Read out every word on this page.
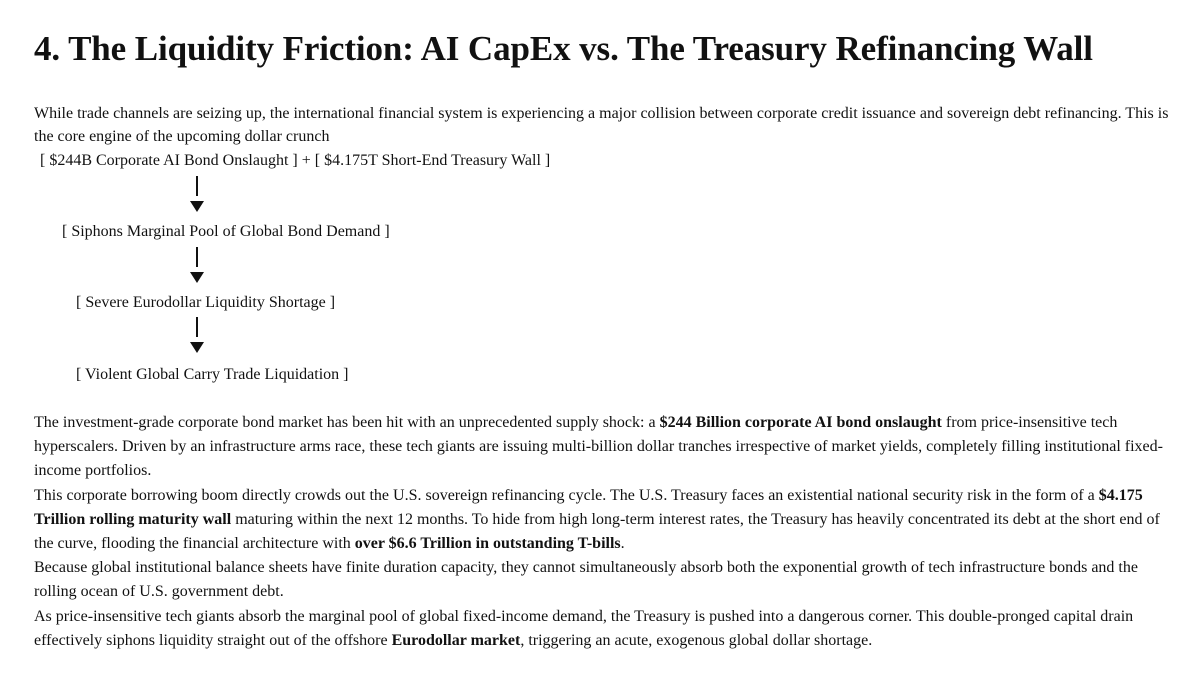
4. The Liquidity Friction: AI CapEx vs. The Treasury Refinancing Wall
While trade channels are seizing up, the international financial system is experiencing a major collision between corporate credit issuance and sovereign debt refinancing. This is the core engine of the upcoming dollar crunch
[ $244B Corporate AI Bond Onslaught ] + [ $4.175T Short-End Treasury Wall ]
[ Siphons Marginal Pool of Global Bond Demand ]
[ Severe Eurodollar Liquidity Shortage ]
[ Violent Global Carry Trade Liquidation ]

The investment-grade corporate bond market has been hit with an unprecedented supply shock: a $244 Billion corporate AI bond onslaught from price-insensitive tech hyperscalers. Driven by an infrastructure arms race, these tech giants are issuing multi-billion dollar tranches irrespective of market yields, completely filling institutional fixed-income portfolios.

This corporate borrowing boom directly crowds out the U.S. sovereign refinancing cycle. The U.S. Treasury faces an existential national security risk in the form of a $4.175 Trillion rolling maturity wall maturing within the next 12 months. To hide from high long-term interest rates, the Treasury has heavily concentrated its debt at the short end of the curve, flooding the financial architecture with over $6.6 Trillion in outstanding T-bills.

Because global institutional balance sheets have finite duration capacity, they cannot simultaneously absorb both the exponential growth of tech infrastructure bonds and the rolling ocean of U.S. government debt.

As price-insensitive tech giants absorb the marginal pool of global fixed-income demand, the Treasury is pushed into a dangerous corner. This double-pronged capital drain effectively siphons liquidity straight out of the offshore Eurodollar market, triggering an acute, exogenous global dollar shortage.
